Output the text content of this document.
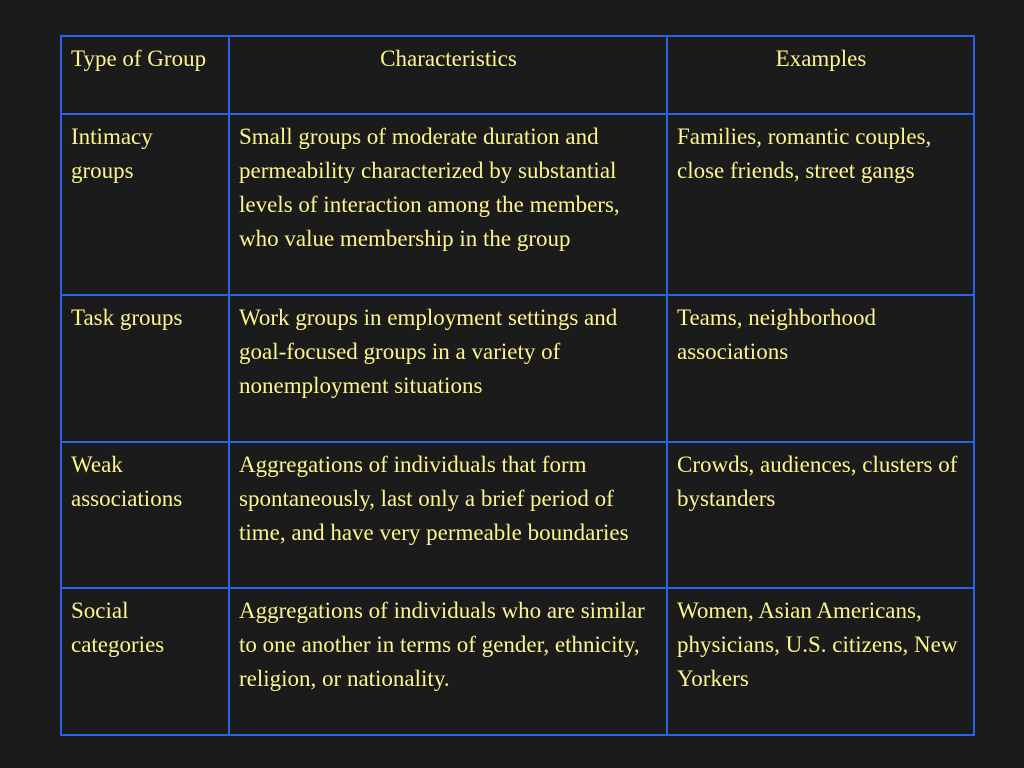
Type of Group	Characteristics	Examples
Intimacy groups	Small groups of moderate duration and permeability characterized by substantial levels of interaction among the members, who value membership in the group	Families, romantic couples, close friends, street gangs
Task groups	Work groups in employment settings and goal-focused groups in a variety of nonemployment situations	Teams, neighborhood associations
Weak associations	Aggregations of individuals that form spontaneously, last only a brief period of time, and have very permeable boundaries	Crowds, audiences, clusters of bystanders
Social categories	Aggregations of individuals who are similar to one another in terms of gender, ethnicity, religion, or nationality.	Women, Asian Americans, physicians, U.S. citizens, New Yorkers
